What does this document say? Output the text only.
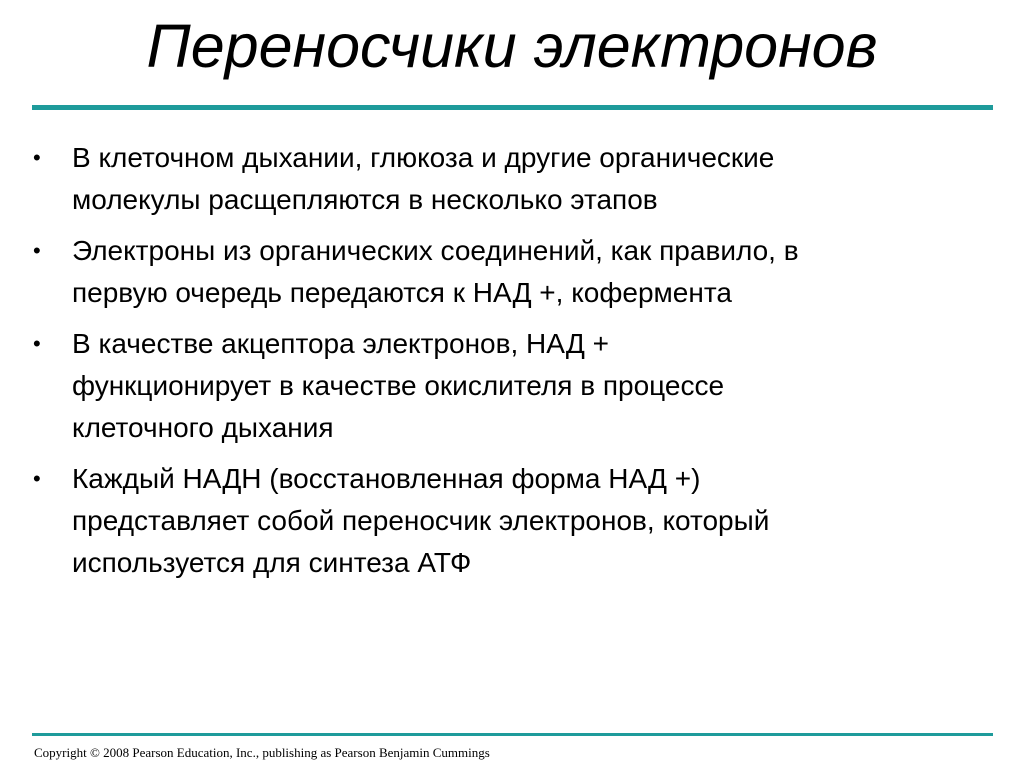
Переносчики электронов
• В клеточном дыхании, глюкоза и другие органические
молекулы расщепляются в несколько этапов
• Электроны из органических соединений, как правило, в
первую очередь передаются к НАД +, кофермента
• В качестве акцептора электронов, НАД +
функционирует в качестве окислителя в процессе
клеточного дыхания
• Каждый НАДН (восстановленная форма НАД +)
представляет собой переносчик электронов, который
используется для синтеза АТФ
Copyright © 2008 Pearson Education, Inc., publishing as Pearson Benjamin Cummings
